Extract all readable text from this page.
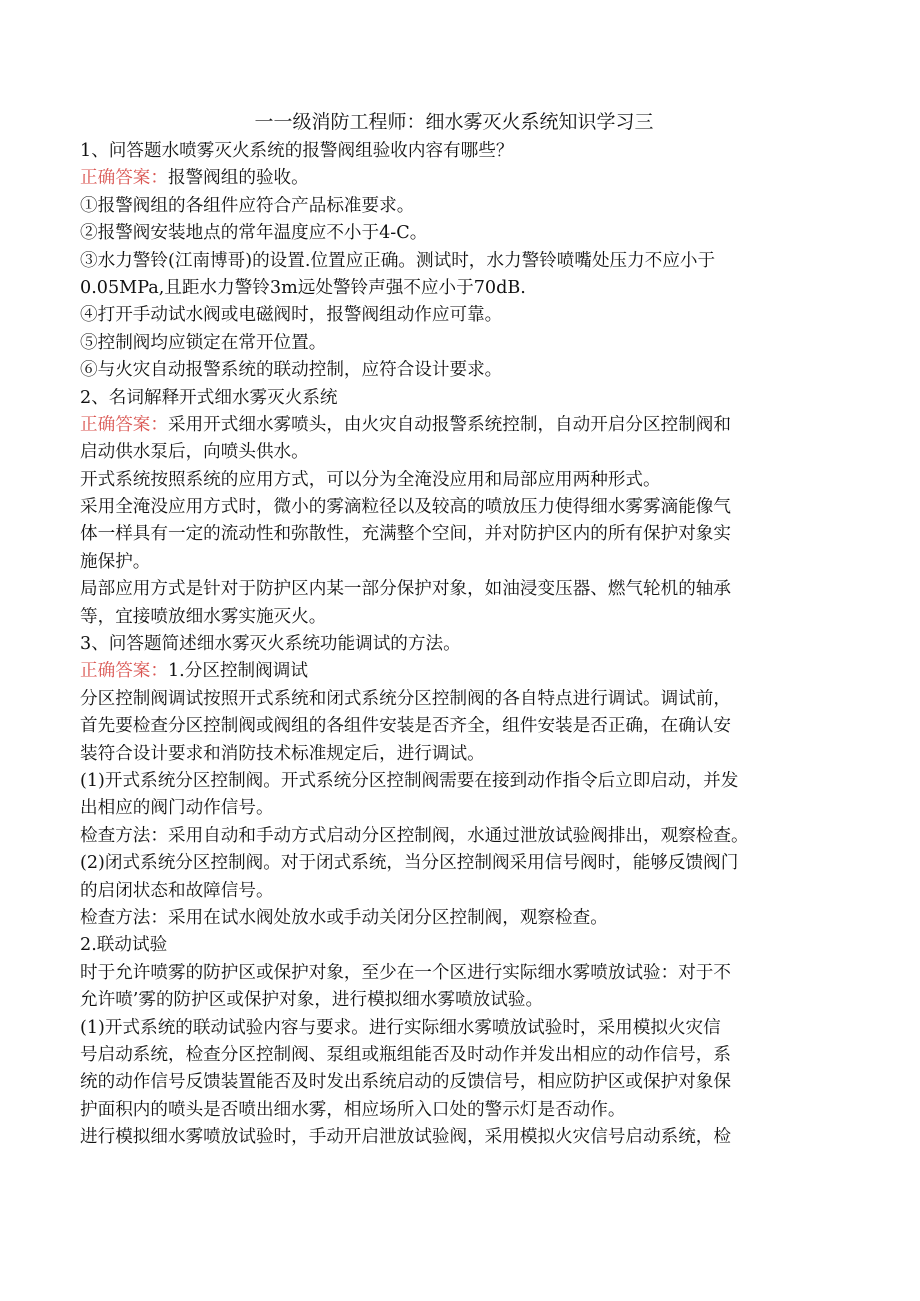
一一级消防工程师：细水雾灭火系统知识学习三
1、问答题水喷雾灭火系统的报警阀组验收内容有哪些？
正确答案：报警阀组的验收。
①报警阀组的各组件应符合产品标准要求。
②报警阀安装地点的常年温度应不小于4-C。
③水力警铃(江南博哥)的设置.位置应正确。测试时，水力警铃喷嘴处压力不应小于
0.05MPa,且距水力警铃3m远处警铃声强不应小于70dB.
④打开手动试水阀或电磁阀时，报警阀组动作应可靠。
⑤控制阀均应锁定在常开位置。
⑥与火灾自动报警系统的联动控制，应符合设计要求。
2、名词解释开式细水雾灭火系统
正确答案：采用开式细水雾喷头，由火灾自动报警系统控制，自动开启分区控制阀和
启动供水泵后，向喷头供水。
开式系统按照系统的应用方式，可以分为全淹没应用和局部应用两种形式。
采用全淹没应用方式时，微小的雾滴粒径以及较高的喷放压力使得细水雾雾滴能像气
体一样具有一定的流动性和弥散性，充满整个空间，并对防护区内的所有保护对象实
施保护。
局部应用方式是针对于防护区内某一部分保护对象，如油浸变压器、燃气轮机的轴承
等，宜接喷放细水雾实施灭火。
3、问答题简述细水雾灭火系统功能调试的方法。
正确答案：1.分区控制阀调试
分区控制阀调试按照开式系统和闭式系统分区控制阀的各自特点进行调试。调试前，
首先要检查分区控制阀或阀组的各组件安装是否齐全，组件安装是否正确，在确认安
装符合设计要求和消防技术标准规定后，进行调试。
(1)开式系统分区控制阀。开式系统分区控制阀需要在接到动作指令后立即启动，并发
出相应的阀门动作信号。
检查方法：采用自动和手动方式启动分区控制阀，水通过泄放试验阀排出，观察检查。
(2)闭式系统分区控制阀。对于闭式系统，当分区控制阀采用信号阀时，能够反馈阀门
的启闭状态和故障信号。
检查方法：采用在试水阀处放水或手动关闭分区控制阀，观察检查。
2.联动试验
时于允许喷雾的防护区或保护对象，至少在一个区进行实际细水雾喷放试验：对于不
允许喷’雾的防护区或保护对象，进行模拟细水雾喷放试验。
(1)开式系统的联动试验内容与要求。进行实际细水雾喷放试验时，采用模拟火灾信
号启动系统，检查分区控制阀、泵组或瓶组能否及时动作并发出相应的动作信号，系
统的动作信号反馈装置能否及时发出系统启动的反馈信号，相应防护区或保护对象保
护面积内的喷头是否喷出细水雾，相应场所入口处的警示灯是否动作。
进行模拟细水雾喷放试验时，手动开启泄放试验阀，采用模拟火灾信号启动系统，检
